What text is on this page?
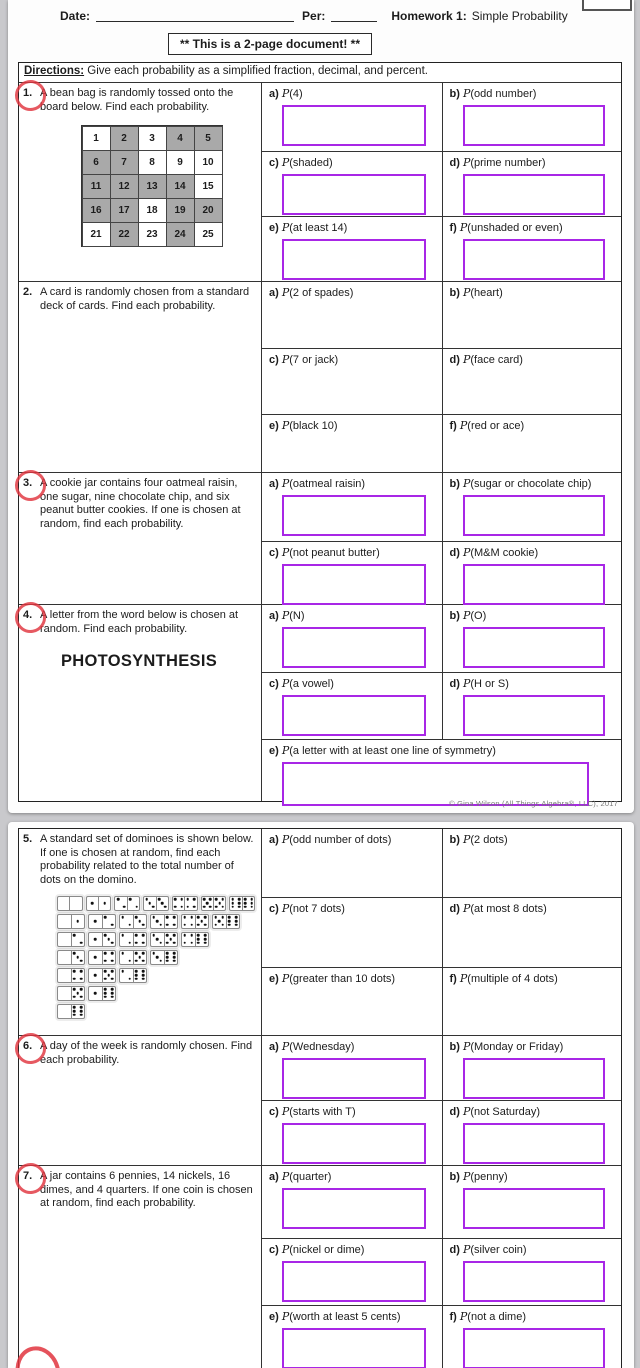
Date:	Per:	Homework 1: Simple Probability
** This is a 2-page document! **
Directions: Give each probability as a simplified fraction, decimal, and percent.
1. A bean bag is randomly tossed onto the board below. Find each probability.
1	2	3	4	5
6	7	8	9	10
11	12	13	14	15
16	17	18	19	20
21	22	23	24	25
a) P(4)	b) P(odd number)
c) P(shaded)	d) P(prime number)
e) P(at least 14)	f) P(unshaded or even)
2. A card is randomly chosen from a standard deck of cards. Find each probability.
a) P(2 of spades)	b) P(heart)
c) P(7 or jack)	d) P(face card)
e) P(black 10)	f) P(red or ace)
3. A cookie jar contains four oatmeal raisin, one sugar, nine chocolate chip, and six peanut butter cookies. If one is chosen at random, find each probability.
a) P(oatmeal raisin)	b) P(sugar or chocolate chip)
c) P(not peanut butter)	d) P(M&M cookie)
4. A letter from the word below is chosen at random. Find each probability.
PHOTOSYNTHESIS
a) P(N)	b) P(O)
c) P(a vowel)	d) P(H or S)
e) P(a letter with at least one line of symmetry)
© Gina Wilson (All Things Algebra®, LLC), 2017
5. A standard set of dominoes is shown below. If one is chosen at random, find each probability related to the total number of dots on the domino.
a) P(odd number of dots)	b) P(2 dots)
c) P(not 7 dots)	d) P(at most 8 dots)
e) P(greater than 10 dots)	f) P(multiple of 4 dots)
6. A day of the week is randomly chosen. Find each probability.
a) P(Wednesday)	b) P(Monday or Friday)
c) P(starts with T)	d) P(not Saturday)
7. A jar contains 6 pennies, 14 nickels, 16 dimes, and 4 quarters. If one coin is chosen at random, find each probability.
a) P(quarter)	b) P(penny)
c) P(nickel or dime)	d) P(silver coin)
e) P(worth at least 5 cents)	f) P(not a dime)
